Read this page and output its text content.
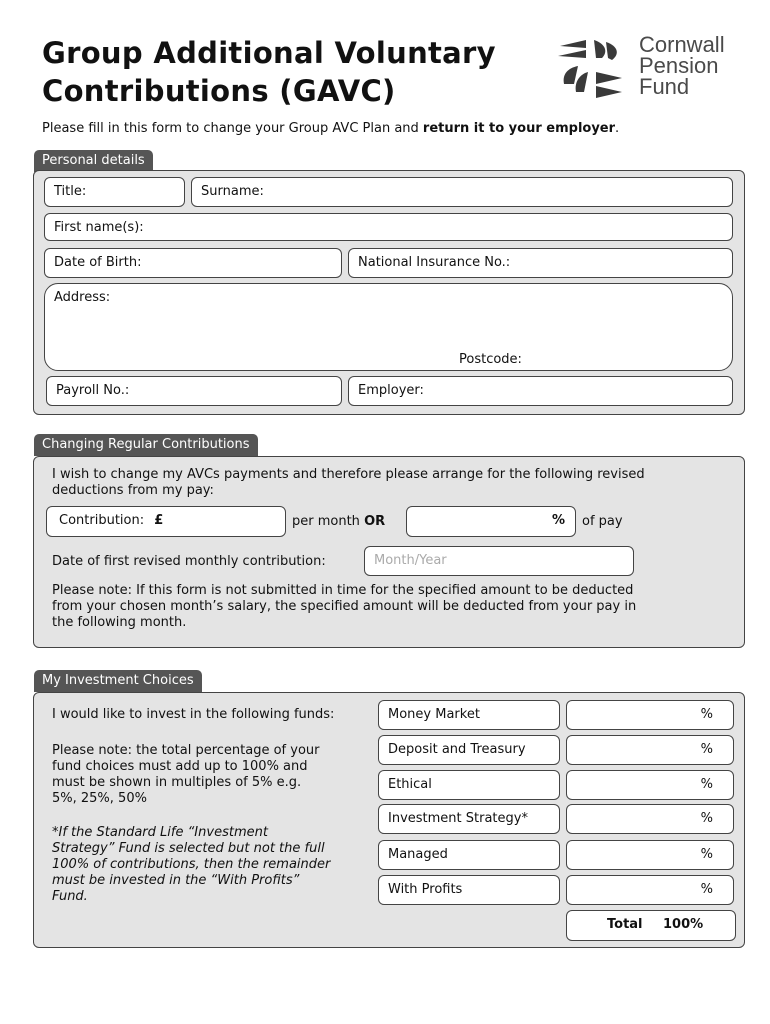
Group Additional Voluntary
Contributions (GAVC)
Cornwall
Pension
Fund
Please fill in this form to change your Group AVC Plan and return it to your employer.
Personal details
Title:	Surname:
First name(s):
Date of Birth:	National Insurance No.:
Address:
Postcode:
Payroll No.:	Employer:
Changing Regular Contributions
I wish to change my AVCs payments and therefore please arrange for the following revised
deductions from my pay:
Contribution: £	per month OR	% of pay
Date of first revised monthly contribution:	Month/Year
Please note: If this form is not submitted in time for the specified amount to be deducted
from your chosen month’s salary, the specified amount will be deducted from your pay in
the following month.
My Investment Choices
I would like to invest in the following funds:
Please note: the total percentage of your
fund choices must add up to 100% and
must be shown in multiples of 5% e.g.
5%, 25%, 50%
*If the Standard Life “Investment
Strategy” Fund is selected but not the full
100% of contributions, then the remainder
must be invested in the “With Profits”
Fund.
Money Market	%
Deposit and Treasury	%
Ethical	%
Investment Strategy*	%
Managed	%
With Profits	%
Total 100%
